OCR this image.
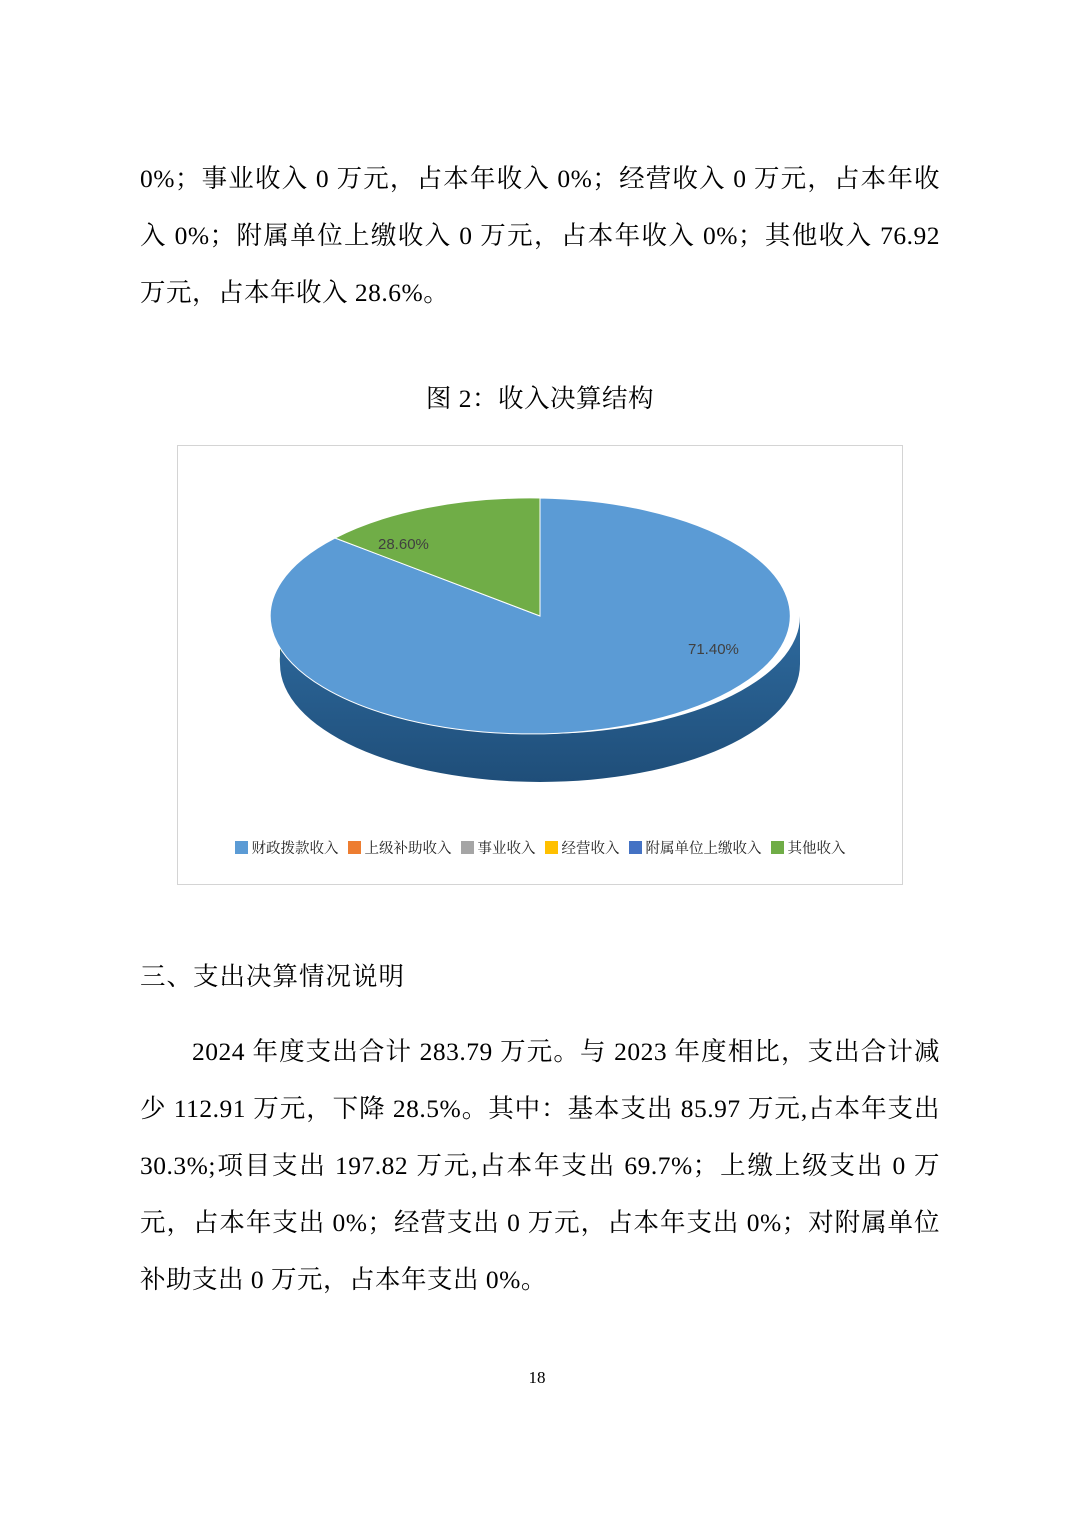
0%；事业收入 0 万元，占本年收入 0%；经营收入 0 万元，占本年收入 0%；附属单位上缴收入 0 万元，占本年收入 0%；其他收入 76.92 万元，占本年收入 28.6%。

图 2：收入决算结构

28.60%
71.40%
财政拨款收入 上级补助收入 事业收入 经营收入 附属单位上缴收入 其他收入

三、支出决算情况说明

2024 年度支出合计 283.79 万元。与 2023 年度相比，支出合计减少 112.91 万元，下降 28.5%。其中：基本支出 85.97 万元,占本年支出 30.3%;项目支出 197.82 万元,占本年支出 69.7%；上缴上级支出 0 万元，占本年支出 0%；经营支出 0 万元，占本年支出 0%；对附属单位补助支出 0 万元，占本年支出 0%。

18
